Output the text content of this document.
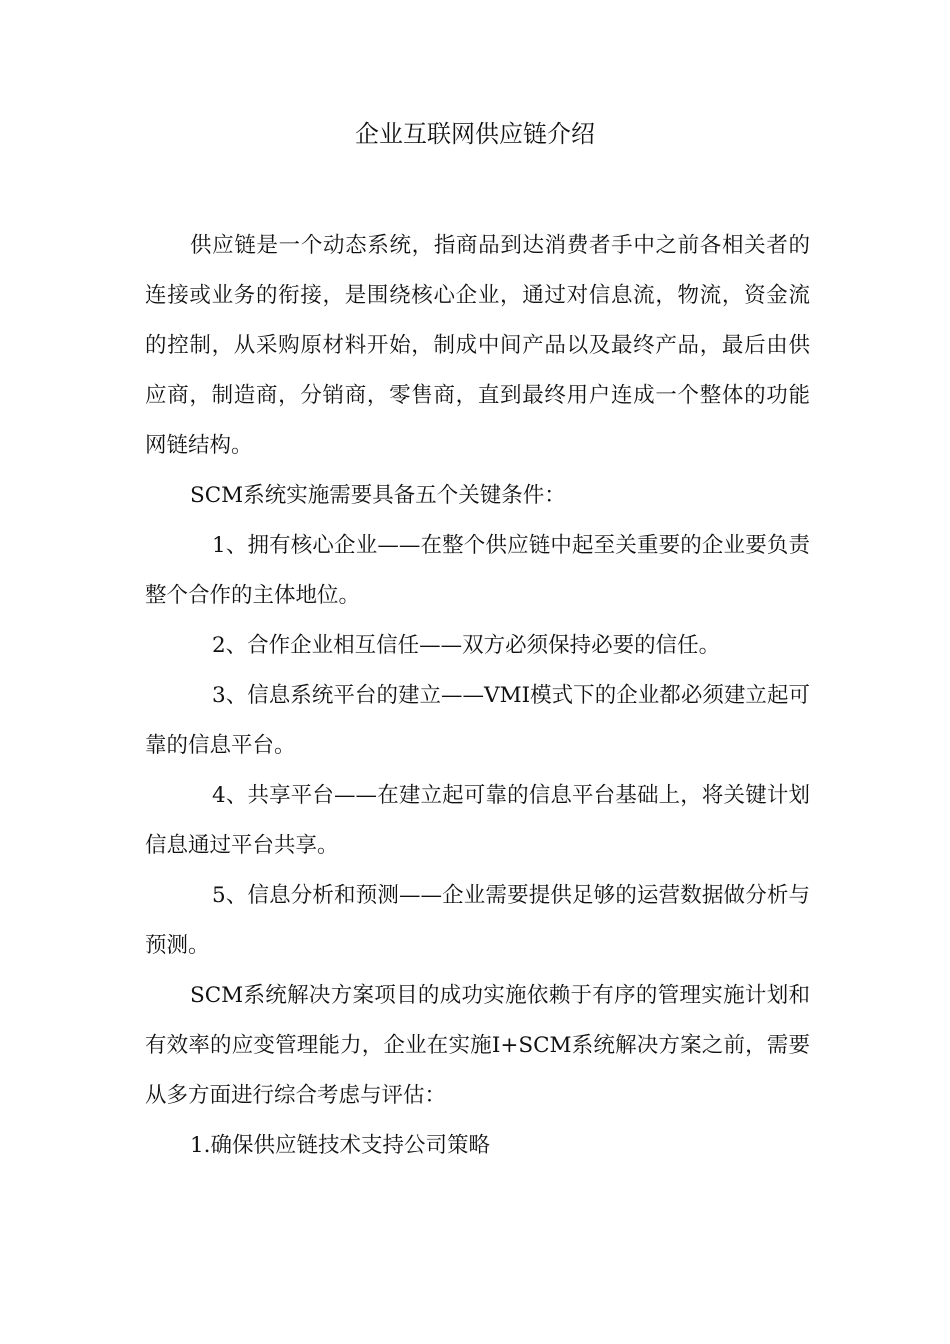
企业互联网供应链介绍

供应链是一个动态系统，指商品到达消费者手中之前各相关者的连接或业务的衔接，是围绕核心企业，通过对信息流，物流，资金流的控制，从采购原材料开始，制成中间产品以及最终产品，最后由供应商，制造商，分销商，零售商，直到最终用户连成一个整体的功能网链结构。

SCM系统实施需要具备五个关键条件：

1、拥有核心企业——在整个供应链中起至关重要的企业要负责整个合作的主体地位。

2、合作企业相互信任——双方必须保持必要的信任。

3、信息系统平台的建立——VMI模式下的企业都必须建立起可靠的信息平台。

4、共享平台——在建立起可靠的信息平台基础上，将关键计划信息通过平台共享。

5、信息分析和预测——企业需要提供足够的运营数据做分析与预测。

SCM系统解决方案项目的成功实施依赖于有序的管理实施计划和有效率的应变管理能力，企业在实施I+SCM系统解决方案之前，需要从多方面进行综合考虑与评估：

1.确保供应链技术支持公司策略
